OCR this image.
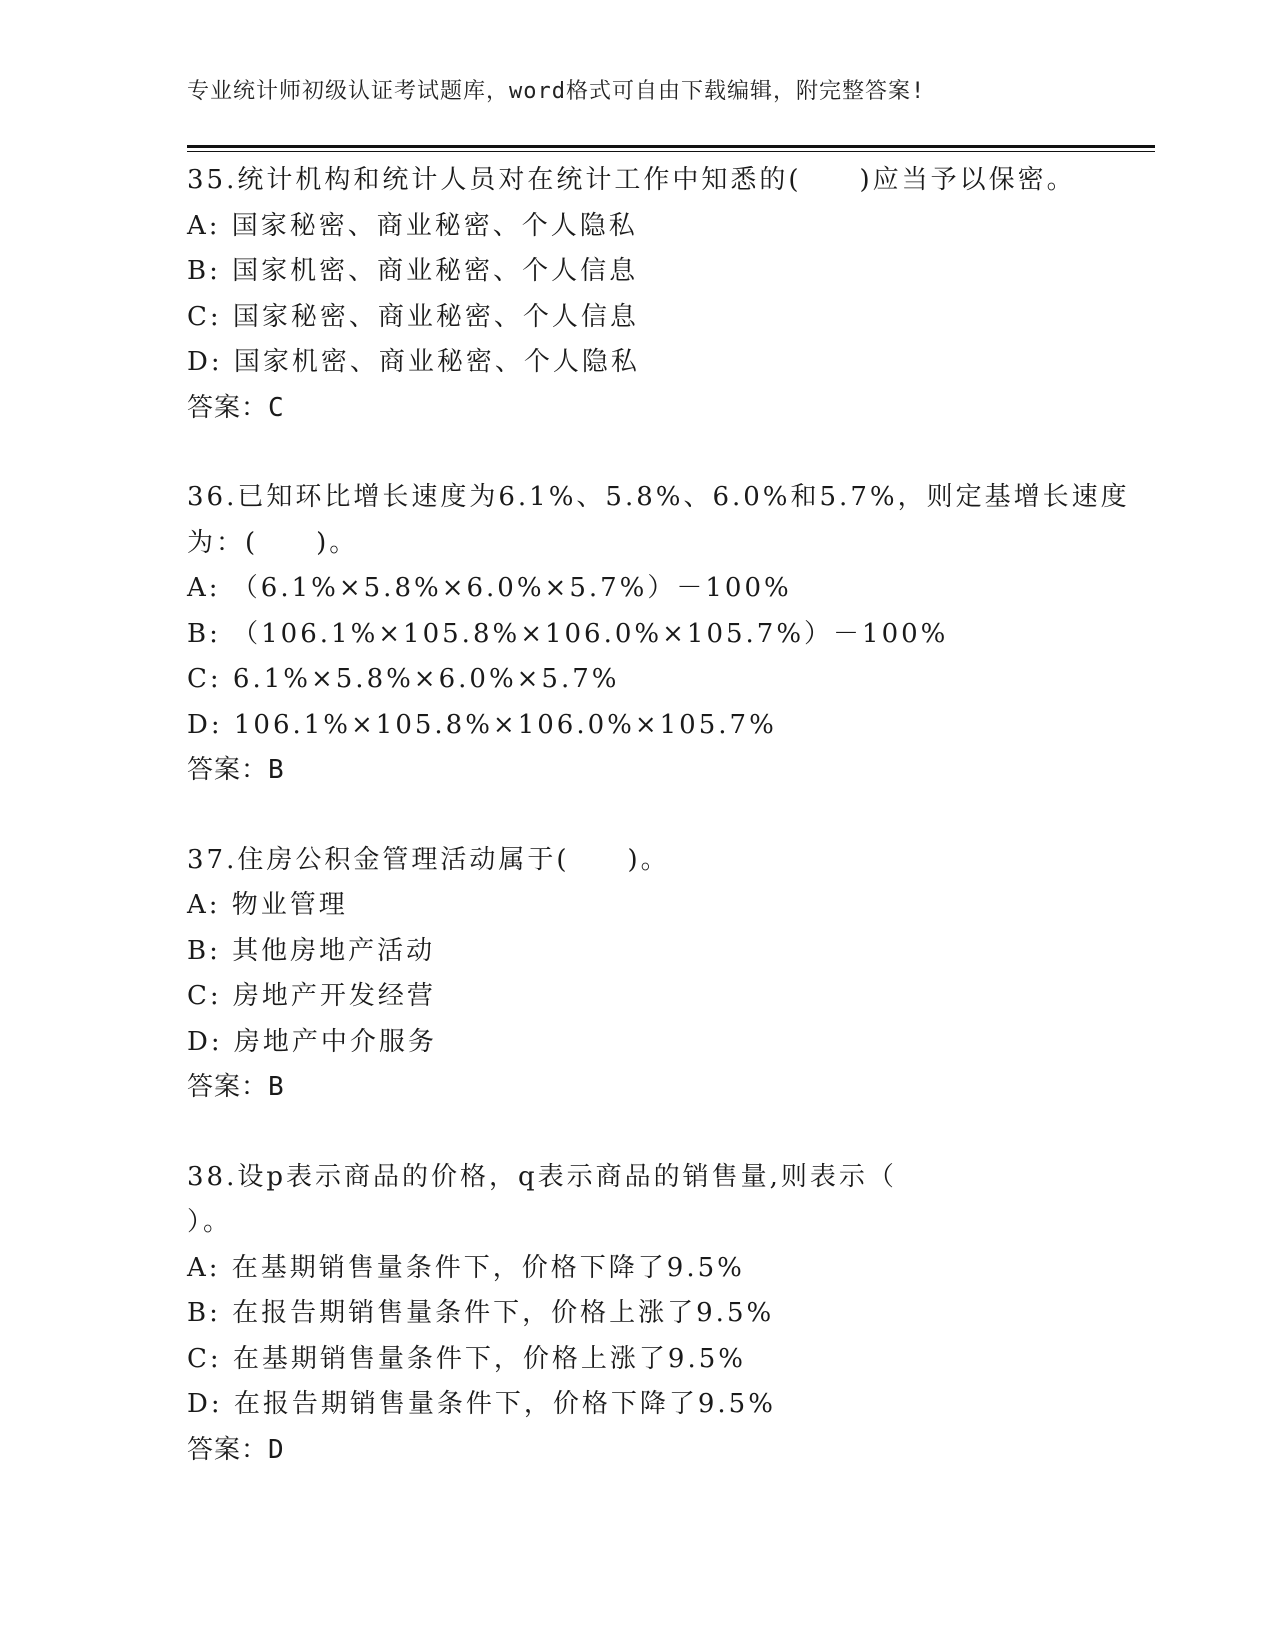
专业统计师初级认证考试题库，word格式可自由下载编辑，附完整答案!
35.统计机构和统计人员对在统计工作中知悉的(　　)应当予以保密。
A: 国家秘密、商业秘密、个人隐私
B: 国家机密、商业秘密、个人信息
C: 国家秘密、商业秘密、个人信息
D: 国家机密、商业秘密、个人隐私
答案：C
36.已知环比增长速度为6.1%、5.8%、6.0%和5.7%，则定基增长速度
为：(　　)。
A: （6.1%×5.8%×6.0%×5.7%）－100%
B: （106.1%×105.8%×106.0%×105.7%）－100%
C: 6.1%×5.8%×6.0%×5.7%
D: 106.1%×105.8%×106.0%×105.7%
答案：B
37.住房公积金管理活动属于(　　)。
A: 物业管理
B: 其他房地产活动
C: 房地产开发经营
D: 房地产中介服务
答案：B
38.设p表示商品的价格，q表示商品的销售量,则表示（
）。
A: 在基期销售量条件下，价格下降了9.5%
B: 在报告期销售量条件下，价格上涨了9.5%
C: 在基期销售量条件下，价格上涨了9.5%
D: 在报告期销售量条件下，价格下降了9.5%
答案：D
